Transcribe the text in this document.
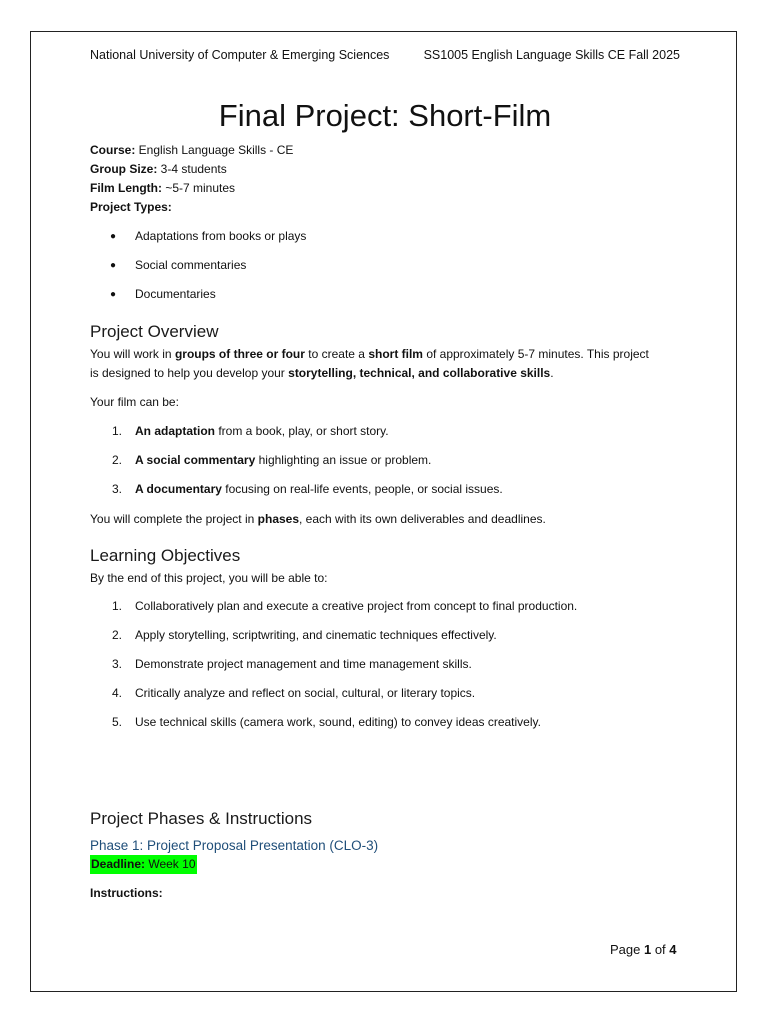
National University of Computer & Emerging Sciences	SS1005 English Language Skills CE Fall 2025
Final Project: Short-Film
Course: English Language Skills - CE
Group Size: 3-4 students
Film Length: ~5-7 minutes
Project Types:
●	Adaptations from books or plays
●	Social commentaries
●	Documentaries
Project Overview
You will work in groups of three or four to create a short film of approximately 5-7 minutes. This project
is designed to help you develop your storytelling, technical, and collaborative skills.
Your film can be:
1.	An adaptation from a book, play, or short story.
2.	A social commentary highlighting an issue or problem.
3.	A documentary focusing on real-life events, people, or social issues.
You will complete the project in phases, each with its own deliverables and deadlines.
Learning Objectives
By the end of this project, you will be able to:
1.	Collaboratively plan and execute a creative project from concept to final production.
2.	Apply storytelling, scriptwriting, and cinematic techniques effectively.
3.	Demonstrate project management and time management skills.
4.	Critically analyze and reflect on social, cultural, or literary topics.
5.	Use technical skills (camera work, sound, editing) to convey ideas creatively.
Project Phases & Instructions
Phase 1: Project Proposal Presentation (CLO-3)
Deadline: Week 10
Instructions:
Page 1 of 4
